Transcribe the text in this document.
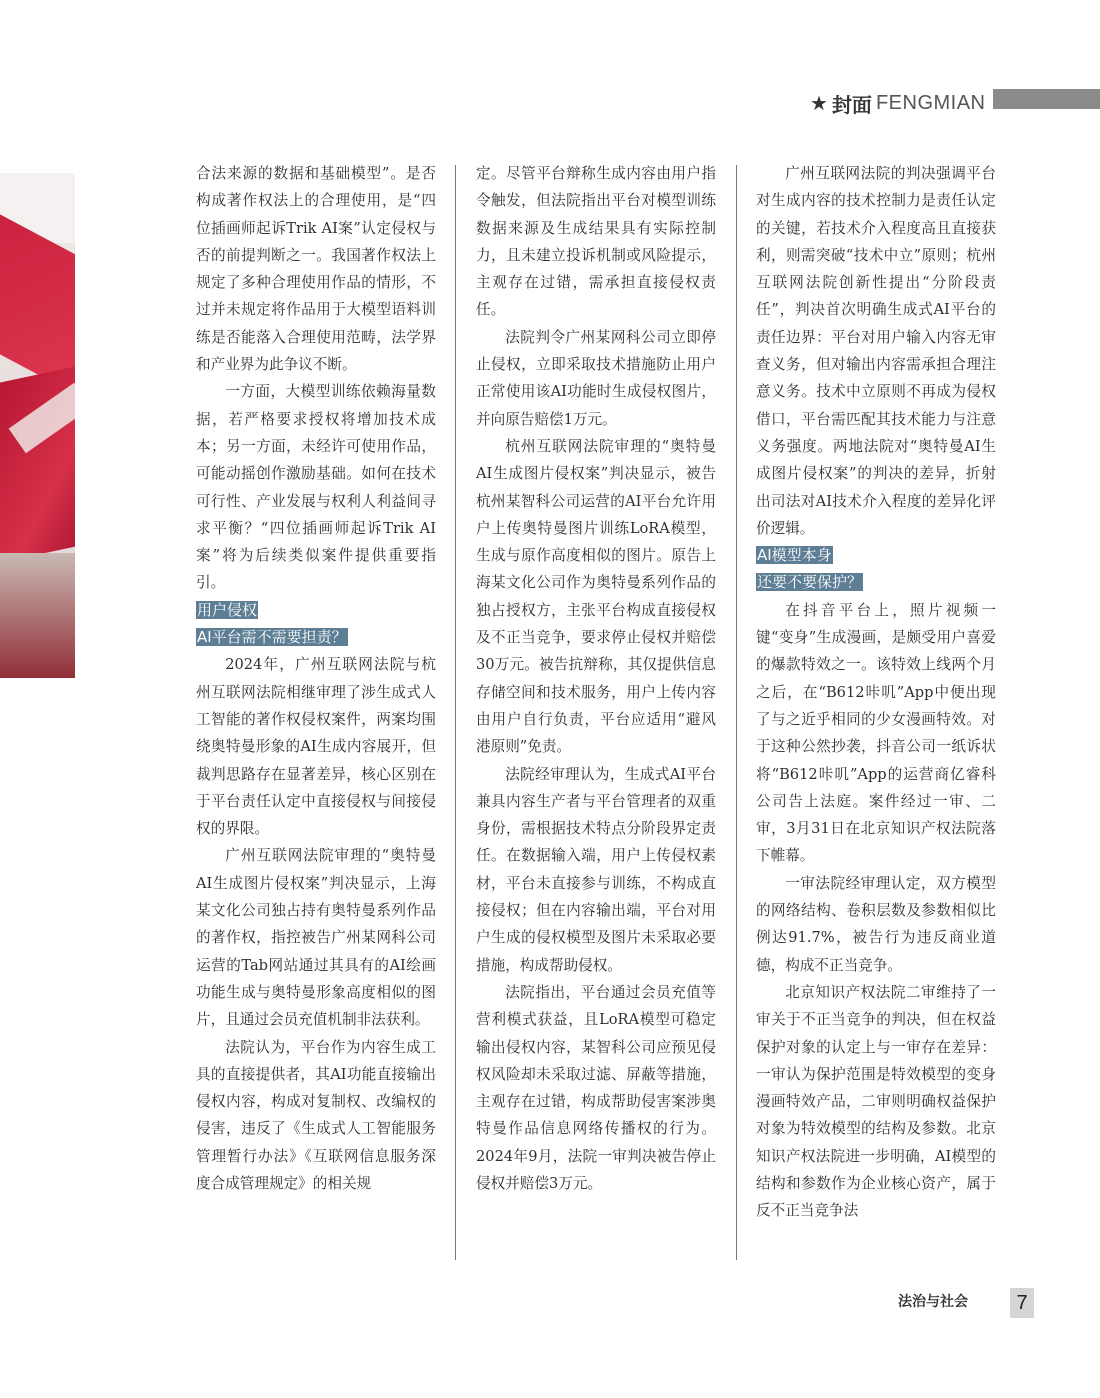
★ 封面 FENGMIAN

合法来源的数据和基础模型”。是否构成著作权法上的合理使用，是“四位插画师起诉Trik AI案”认定侵权与否的前提判断之一。我国著作权法上规定了多种合理使用作品的情形，不过并未规定将作品用于大模型语料训练是否能落入合理使用范畴，法学界和产业界为此争议不断。

一方面，大模型训练依赖海量数据，若严格要求授权将增加技术成本；另一方面，未经许可使用作品，可能动摇创作激励基础。如何在技术可行性、产业发展与权利人利益间寻求平衡？“四位插画师起诉Trik AI案”将为后续类似案件提供重要指引。

用户侵权
AI平台需不需要担责？

2024年，广州互联网法院与杭州互联网法院相继审理了涉生成式人工智能的著作权侵权案件，两案均围绕奥特曼形象的AI生成内容展开，但裁判思路存在显著差异，核心区别在于平台责任认定中直接侵权与间接侵权的界限。

广州互联网法院审理的“奥特曼AI生成图片侵权案”判决显示，上海某文化公司独占持有奥特曼系列作品的著作权，指控被告广州某网科公司运营的Tab网站通过其具有的AI绘画功能生成与奥特曼形象高度相似的图片，且通过会员充值机制非法获利。

法院认为，平台作为内容生成工具的直接提供者，其AI功能直接输出侵权内容，构成对复制权、改编权的侵害，违反了《生成式人工智能服务管理暂行办法》《互联网信息服务深度合成管理规定》的相关规

定。尽管平台辩称生成内容由用户指令触发，但法院指出平台对模型训练数据来源及生成结果具有实际控制力，且未建立投诉机制或风险提示，主观存在过错，需承担直接侵权责任。

法院判令广州某网科公司立即停止侵权，立即采取技术措施防止用户正常使用该AI功能时生成侵权图片，并向原告赔偿1万元。

杭州互联网法院审理的“奥特曼AI生成图片侵权案”判决显示，被告杭州某智科公司运营的AI平台允许用户上传奥特曼图片训练LoRA模型，生成与原作高度相似的图片。原告上海某文化公司作为奥特曼系列作品的独占授权方，主张平台构成直接侵权及不正当竞争，要求停止侵权并赔偿30万元。被告抗辩称，其仅提供信息存储空间和技术服务，用户上传内容由用户自行负责，平台应适用“避风港原则”免责。

法院经审理认为，生成式AI平台兼具内容生产者与平台管理者的双重身份，需根据技术特点分阶段界定责任。在数据输入端，用户上传侵权素材，平台未直接参与训练，不构成直接侵权；但在内容输出端，平台对用户生成的侵权模型及图片未采取必要措施，构成帮助侵权。

法院指出，平台通过会员充值等营利模式获益，且LoRA模型可稳定输出侵权内容，某智科公司应预见侵权风险却未采取过滤、屏蔽等措施，主观存在过错，构成帮助侵害案涉奥特曼作品信息网络传播权的行为。2024年9月，法院一审判决被告停止侵权并赔偿3万元。

广州互联网法院的判决强调平台对生成内容的技术控制力是责任认定的关键，若技术介入程度高且直接获利，则需突破“技术中立”原则；杭州互联网法院创新性提出“分阶段责任”，判决首次明确生成式AI平台的责任边界：平台对用户输入内容无审查义务，但对输出内容需承担合理注意义务。技术中立原则不再成为侵权借口，平台需匹配其技术能力与注意义务强度。两地法院对“奥特曼AI生成图片侵权案”的判决的差异，折射出司法对AI技术介入程度的差异化评价逻辑。

AI模型本身
还要不要保护？

在抖音平台上，照片视频一键“变身”生成漫画，是颇受用户喜爱的爆款特效之一。该特效上线两个月之后，在“B612咔叽”App中便出现了与之近乎相同的少女漫画特效。对于这种公然抄袭，抖音公司一纸诉状将“B612咔叽”App的运营商亿睿科公司告上法庭。案件经过一审、二审，3月31日在北京知识产权法院落下帷幕。

一审法院经审理认定，双方模型的网络结构、卷积层数及参数相似比例达91.7%，被告行为违反商业道德，构成不正当竞争。

北京知识产权法院二审维持了一审关于不正当竞争的判决，但在权益保护对象的认定上与一审存在差异：一审认为保护范围是特效模型的变身漫画特效产品，二审则明确权益保护对象为特效模型的结构及参数。北京知识产权法院进一步明确，AI模型的结构和参数作为企业核心资产，属于反不正当竞争法

法治与社会	7
